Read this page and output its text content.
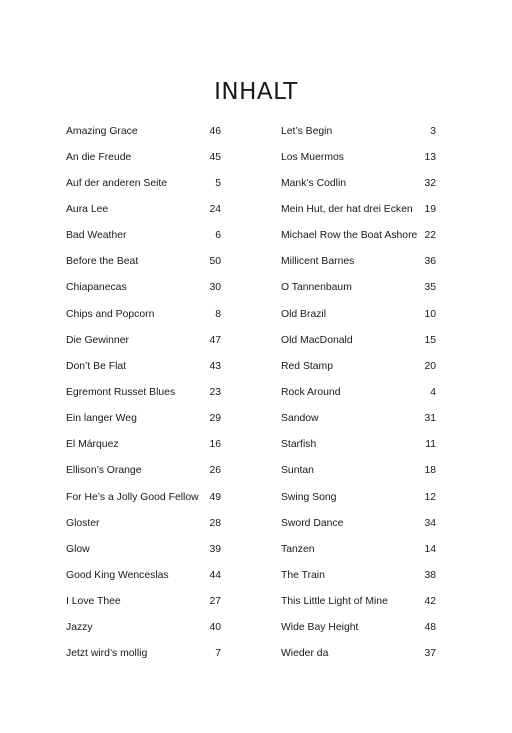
INHALT
Amazing Grace	46
An die Freude	45
Auf der anderen Seite	5
Aura Lee	24
Bad Weather	6
Before the Beat	50
Chiapanecas	30
Chips and Popcorn	8
Die Gewinner	47
Don’t Be Flat	43
Egremont Russet Blues	23
Ein langer Weg	29
El Márquez	16
Ellison’s Orange	26
For He’s a Jolly Good Fellow 49
Gloster	28
Glow	39
Good King Wenceslas	44
I Love Thee	27
Jazzy	40
Jetzt wird’s mollig	7
Let’s Begin	3
Los Muermos	13
Mank’s Codlin	32
Mein Hut, der hat drei Ecken 19
Michael Row the Boat Ashore 22
Millicent Barnes	36
O Tannenbaum	35
Old Brazil	10
Old MacDonald	15
Red Stamp	20
Rock Around	4
Sandow	31
Starfish	11
Suntan	18
Swing Song	12
Sword Dance	34
Tanzen	14
The Train	38
This Little Light of Mine	42
Wide Bay Height	48
Wieder da	37
